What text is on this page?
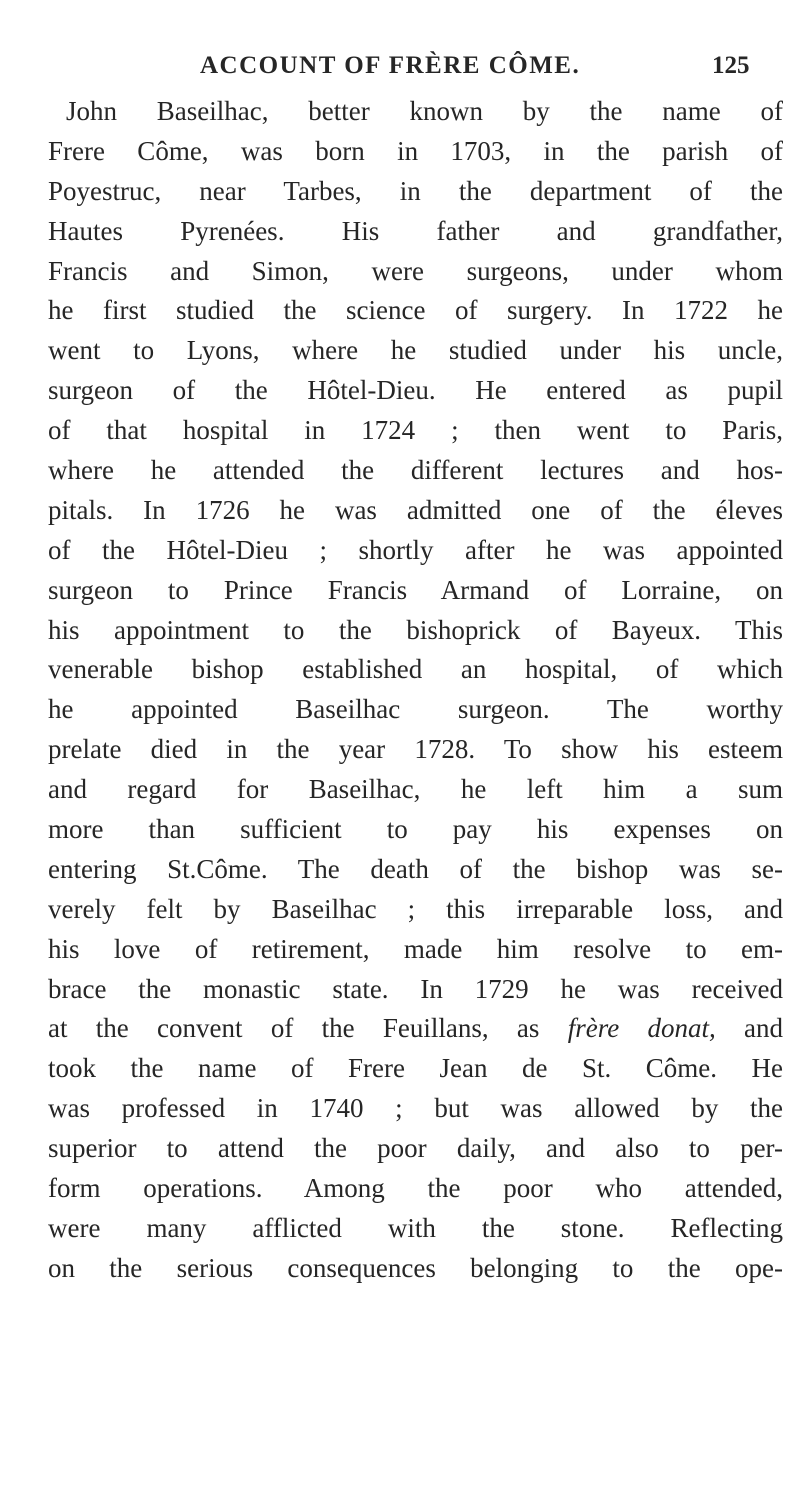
ACCOUNT OF FRÈRE CÔME.	125
John Baseilhac, better known by the name of
Frere Côme, was born in 1703, in the parish of
Poyestruc, near Tarbes, in the department of the
Hautes Pyrenées. His father and grandfather,
Francis and Simon, were surgeons, under whom
he first studied the science of surgery. In 1722 he
went to Lyons, where he studied under his uncle,
surgeon of the Hôtel-Dieu. He entered as pupil
of that hospital in 1724 ; then went to Paris,
where he attended the different lectures and hos-
pitals. In 1726 he was admitted one of the éleves
of the Hôtel-Dieu ; shortly after he was appointed
surgeon to Prince Francis Armand of Lorraine, on
his appointment to the bishoprick of Bayeux. This
venerable bishop established an hospital, of which
he appointed Baseilhac surgeon. The worthy
prelate died in the year 1728. To show his esteem
and regard for Baseilhac, he left him a sum
more than sufficient to pay his expenses on
entering St.Côme. The death of the bishop was se-
verely felt by Baseilhac ; this irreparable loss, and
his love of retirement, made him resolve to em-
brace the monastic state. In 1729 he was received
at the convent of the Feuillans, as frère donat, and
took the name of Frere Jean de St. Côme. He
was professed in 1740 ; but was allowed by the
superior to attend the poor daily, and also to per-
form operations. Among the poor who attended,
were many afflicted with the stone. Reflecting
on the serious consequences belonging to the ope-
